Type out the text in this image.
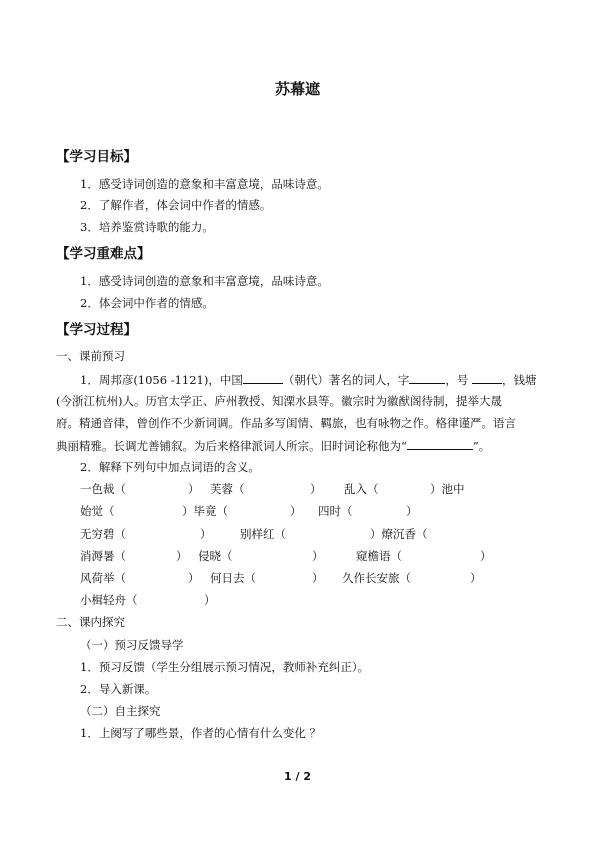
苏幕遮
【学习目标】
1．感受诗词创造的意象和丰富意境，品味诗意。
2．了解作者，体会词中作者的情感。
3．培养鉴赏诗歌的能力。
【学习重难点】
1．感受诗词创造的意象和丰富意境，品味诗意。
2．体会词中作者的情感。
【学习过程】
一、课前预习
1．周邦彦(1056 -1121)，中国	（朝代）著名的词人，字	，号	，钱塘
(今浙江杭州)人。历官太学正、庐州教授、知溧水县等。徽宗时为徽猷阁待制，提举大晟
府。精通音律，曾创作不少新词调。作品多写闺情、羁旅，也有咏物之作。格律谨严。语言
典丽精雅。长调尤善铺叙。为后来格律派词人所宗。旧时词论称他为“	”。
2．解释下列句中加点词语的含义。
一色裁（	） 芙蓉（	） 乱入（	）池中
始觉（	）毕竟（	） 四时（	）
无穷碧（	） 别样红（	）燎沉香（
消溽暑（	） 侵晓（	）	窥檐语（	）
风荷举（	） 何日去（	） 久作长安旅（	）
小楫轻舟（	）
二、课内探究
（一）预习反馈导学
1．预习反馈（学生分组展示预习情况，教师补充纠正）。
2．导入新课。
（二）自主探究
1．上阕写了哪些景，作者的心情有什么变化 ？
1 / 2
